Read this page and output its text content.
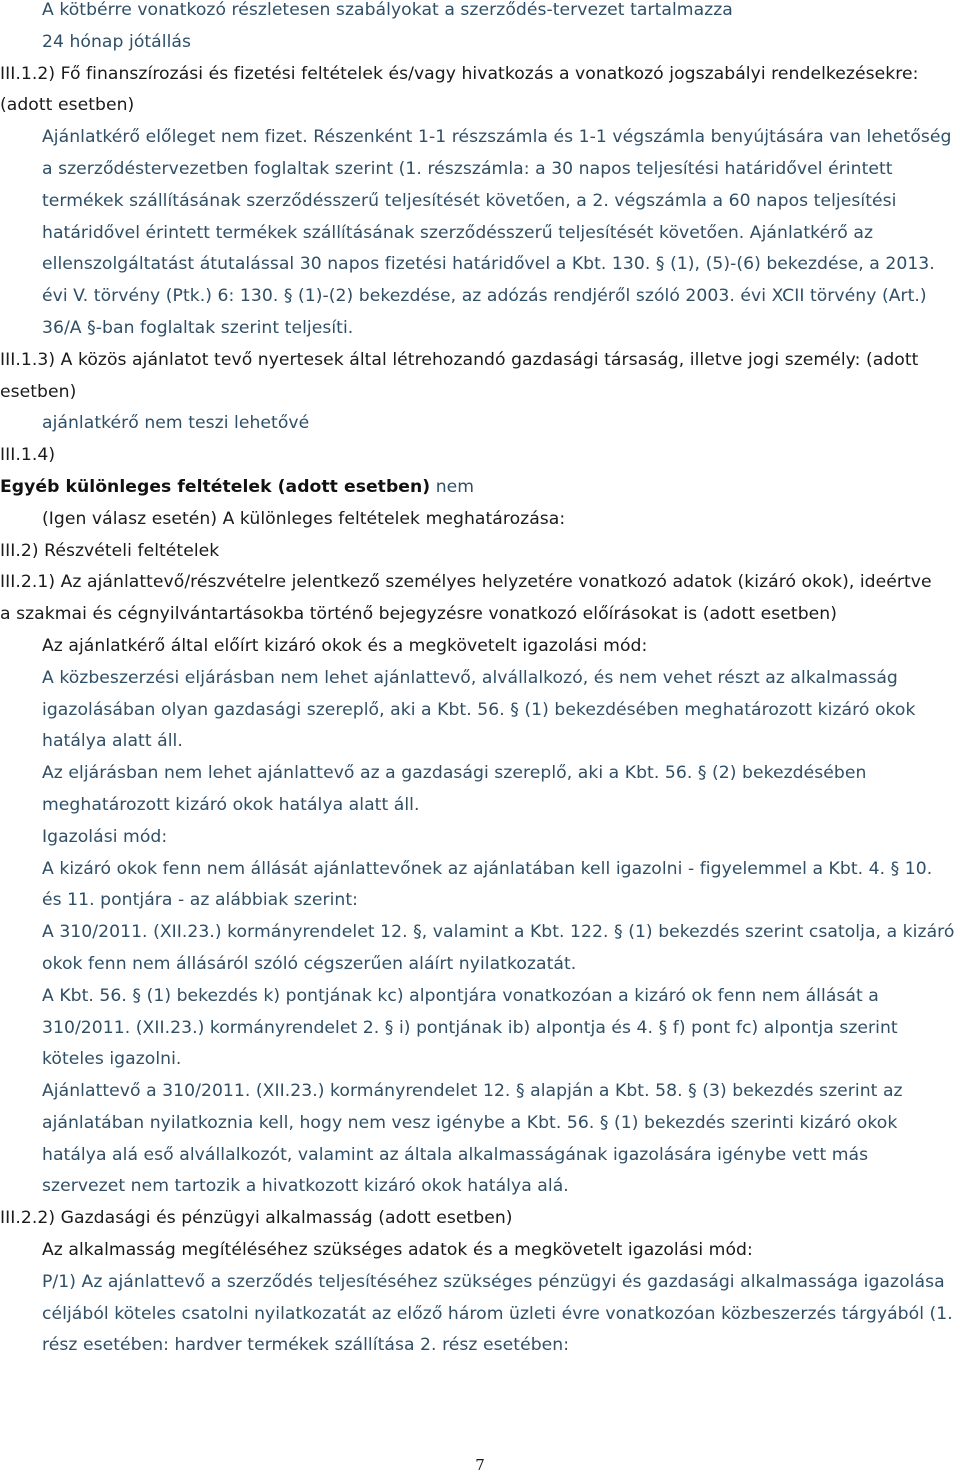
A kötbérre vonatkozó részletesen szabályokat a szerződés-tervezet tartalmazza

24 hónap jótállás

III.1.2) Fő finanszírozási és fizetési feltételek és/vagy hivatkozás a vonatkozó jogszabályi rendelkezésekre: (adott esetben)

Ajánlatkérő előleget nem fizet. Részenként 1-1 részszámla és 1-1 végszámla benyújtására van lehetőség a szerződéstervezetben foglaltak szerint (1. részszámla: a 30 napos teljesítési határidővel érintett termékek szállításának szerződésszerű teljesítését követően, a 2. végszámla a 60 napos teljesítési határidővel érintett termékek szállításának szerződésszerű teljesítését követően. Ajánlatkérő az ellenszolgáltatást átutalással 30 napos fizetési határidővel a Kbt. 130. § (1), (5)-(6) bekezdése, a 2013. évi V. törvény (Ptk.) 6: 130. § (1)-(2) bekezdése, az adózás rendjéről szóló 2003. évi XCII törvény (Art.) 36/A §-ban foglaltak szerint teljesíti.

III.1.3) A közös ajánlatot tevő nyertesek által létrehozandó gazdasági társaság, illetve jogi személy: (adott esetben)

ajánlatkérő nem teszi lehetővé

III.1.4)

Egyéb különleges feltételek (adott esetben) nem

(Igen válasz esetén) A különleges feltételek meghatározása:

III.2) Részvételi feltételek

III.2.1) Az ajánlattevő/részvételre jelentkező személyes helyzetére vonatkozó adatok (kizáró okok), ideértve a szakmai és cégnyilvántartásokba történő bejegyzésre vonatkozó előírásokat is (adott esetben)

Az ajánlatkérő által előírt kizáró okok és a megkövetelt igazolási mód:

A közbeszerzési eljárásban nem lehet ajánlattevő, alvállalkozó, és nem vehet részt az alkalmasság igazolásában olyan gazdasági szereplő, aki a Kbt. 56. § (1) bekezdésében meghatározott kizáró okok hatálya alatt áll.

Az eljárásban nem lehet ajánlattevő az a gazdasági szereplő, aki a Kbt. 56. § (2) bekezdésében meghatározott kizáró okok hatálya alatt áll.

Igazolási mód:

A kizáró okok fenn nem állását ajánlattevőnek az ajánlatában kell igazolni - figyelemmel a Kbt. 4. § 10. és 11. pontjára - az alábbiak szerint:

A 310/2011. (XII.23.) kormányrendelet 12. §, valamint a Kbt. 122. § (1) bekezdés szerint csatolja, a kizáró okok fenn nem állásáról szóló cégszerűen aláírt nyilatkozatát.

A Kbt. 56. § (1) bekezdés k) pontjának kc) alpontjára vonatkozóan a kizáró ok fenn nem állását a 310/2011. (XII.23.) kormányrendelet 2. § i) pontjának ib) alpontja és 4. § f) pont fc) alpontja szerint köteles igazolni.

Ajánlattevő a 310/2011. (XII.23.) kormányrendelet 12. § alapján a Kbt. 58. § (3) bekezdés szerint az ajánlatában nyilatkoznia kell, hogy nem vesz igénybe a Kbt. 56. § (1) bekezdés szerinti kizáró okok hatálya alá eső alvállalkozót, valamint az általa alkalmasságának igazolására igénybe vett más szervezet nem tartozik a hivatkozott kizáró okok hatálya alá.

III.2.2) Gazdasági és pénzügyi alkalmasság (adott esetben)

Az alkalmasság megítéléséhez szükséges adatok és a megkövetelt igazolási mód:

P/1) Az ajánlattevő a szerződés teljesítéséhez szükséges pénzügyi és gazdasági alkalmassága igazolása céljából köteles csatolni nyilatkozatát az előző három üzleti évre vonatkozóan közbeszerzés tárgyából (1. rész esetében: hardver termékek szállítása 2. rész esetében:

7
